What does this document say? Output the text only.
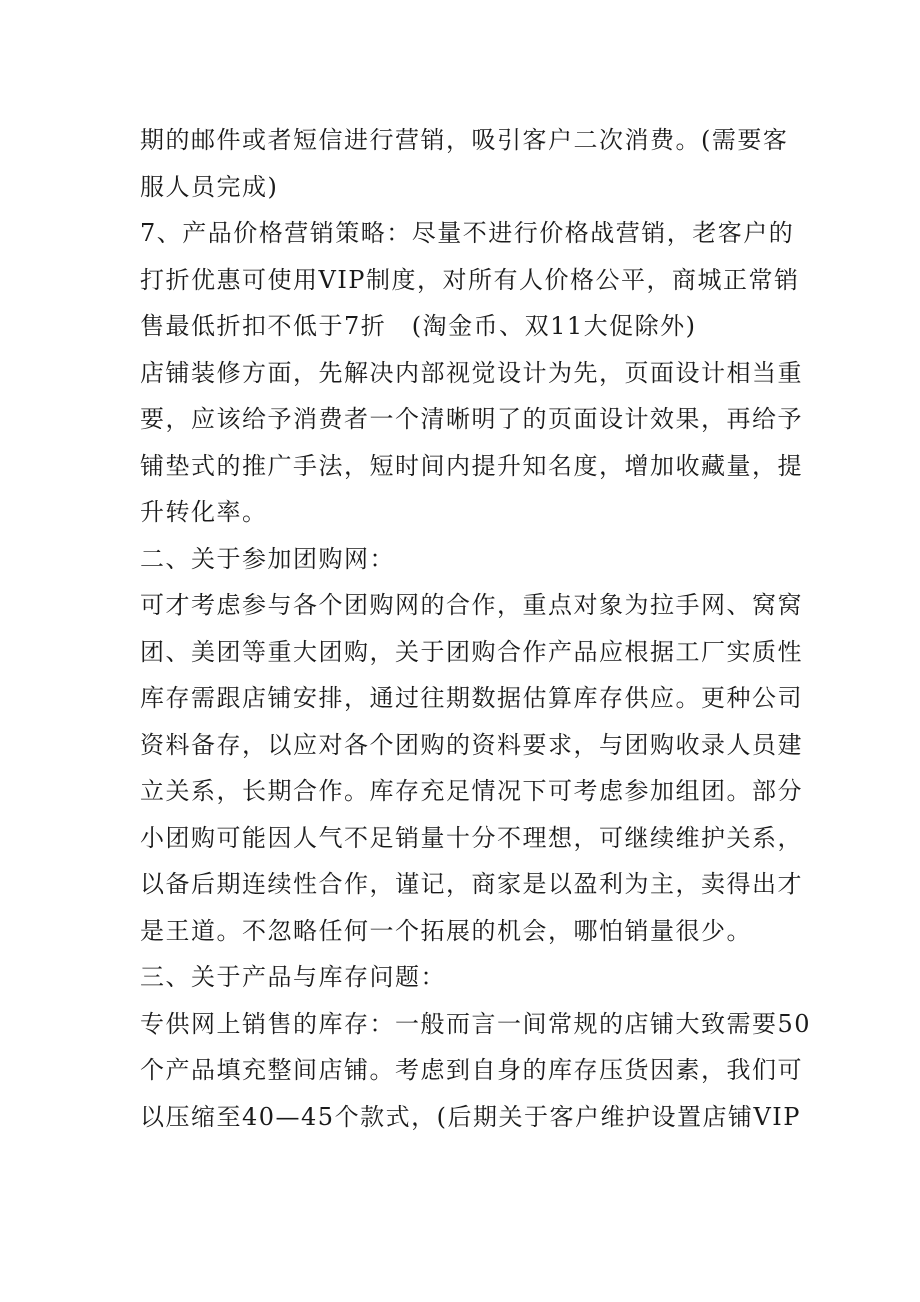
期的邮件或者短信进行营销，吸引客户二次消费。(需要客
服人员完成)
7、产品价格营销策略：尽量不进行价格战营销，老客户的
打折优惠可使用VIP制度，对所有人价格公平，商城正常销
售最低折扣不低于7折　(淘金币、双11大促除外)
店铺装修方面，先解决内部视觉设计为先，页面设计相当重
要，应该给予消费者一个清晰明了的页面设计效果，再给予
铺垫式的推广手法，短时间内提升知名度，增加收藏量，提
升转化率。
二、关于参加团购网：
可才考虑参与各个团购网的合作，重点对象为拉手网、窝窝
团、美团等重大团购，关于团购合作产品应根据工厂实质性
库存需跟店铺安排，通过往期数据估算库存供应。更种公司
资料备存，以应对各个团购的资料要求，与团购收录人员建
立关系，长期合作。库存充足情况下可考虑参加组团。部分
小团购可能因人气不足销量十分不理想，可继续维护关系，
以备后期连续性合作，谨记，商家是以盈利为主，卖得出才
是王道。不忽略任何一个拓展的机会，哪怕销量很少。
三、关于产品与库存问题：
专供网上销售的库存：一般而言一间常规的店铺大致需要50
个产品填充整间店铺。考虑到自身的库存压货因素，我们可
以压缩至40—45个款式，(后期关于客户维护设置店铺VIP
